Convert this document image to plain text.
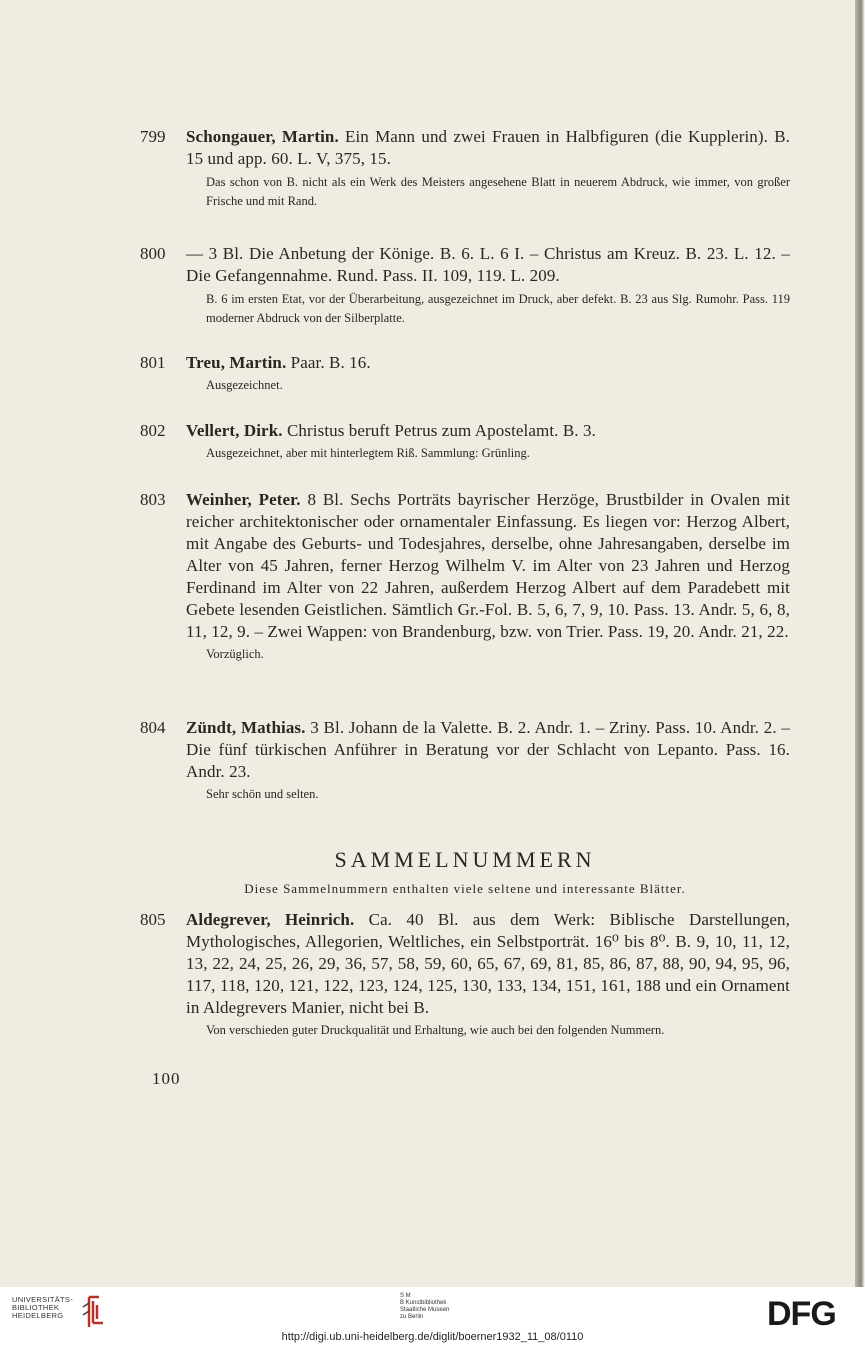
799 Schongauer, Martin. Ein Mann und zwei Frauen in Halbfiguren (die Kupplerin). B. 15 und app. 60. L. V, 375, 15.
Das schon von B. nicht als ein Werk des Meisters angesehene Blatt in neuerem Abdruck, wie immer, von großer Frische und mit Rand.
800 — 3 Bl. Die Anbetung der Könige. B. 6. L. 6 I. – Christus am Kreuz. B. 23. L. 12. – Die Gefangennahme. Rund. Pass. II. 109, 119. L. 209.
B. 6 im ersten Etat, vor der Überarbeitung, ausgezeichnet im Druck, aber defekt. B. 23 aus Slg. Rumohr. Pass. 119 moderner Abdruck von der Silberplatte.
801 Treu, Martin. Paar. B. 16.
Ausgezeichnet.
802 Vellert, Dirk. Christus beruft Petrus zum Apostelamt. B. 3.
Ausgezeichnet, aber mit hinterlegtem Riß. Sammlung: Grünling.
803 Weinher, Peter. 8 Bl. Sechs Porträts bayrischer Herzöge, Brustbilder in Ovalen mit reicher architektonischer oder ornamentaler Einfassung. Es liegen vor: Herzog Albert, mit Angabe des Geburts- und Todesjahres, derselbe, ohne Jahresangaben, derselbe im Alter von 45 Jahren, ferner Herzog Wilhelm V. im Alter von 23 Jahren und Herzog Ferdinand im Alter von 22 Jahren, außerdem Herzog Albert auf dem Paradebett mit Gebete lesenden Geistlichen. Sämtlich Gr.-Fol. B. 5, 6, 7, 9, 10. Pass. 13. Andr. 5, 6, 8, 11, 12, 9. – Zwei Wappen: von Brandenburg, bzw. von Trier. Pass. 19, 20. Andr. 21, 22.
Vorzüglich.
804 Zündt, Mathias. 3 Bl. Johann de la Valette. B. 2. Andr. 1. – Zriny. Pass. 10. Andr. 2. – Die fünf türkischen Anführer in Beratung vor der Schlacht von Lepanto. Pass. 16. Andr. 23.
Sehr schön und selten.
SAMMELNUMMERN
Diese Sammelnummern enthalten viele seltene und interessante Blätter.
805 Aldegrever, Heinrich. Ca. 40 Bl. aus dem Werk: Biblische Darstellungen, Mythologisches, Allegorien, Weltliches, ein Selbstporträt. 16⁰ bis 8⁰. B. 9, 10, 11, 12, 13, 22, 24, 25, 26, 29, 36, 57, 58, 59, 60, 65, 67, 69, 81, 85, 86, 87, 88, 90, 94, 95, 96, 117, 118, 120, 121, 122, 123, 124, 125, 130, 133, 134, 151, 161, 188 und ein Ornament in Aldegrevers Manier, nicht bei B.
Von verschieden guter Druckqualität und Erhaltung, wie auch bei den folgenden Nummern.
100
UNIVERSITÄTS-
BIBLIOTHEK
HEIDELBERG
S M
B Kunstbibliothek
Staatliche Museen
zu Berlin	DFG
http://digi.ub.uni-heidelberg.de/diglit/boerner1932_11_08/0110
